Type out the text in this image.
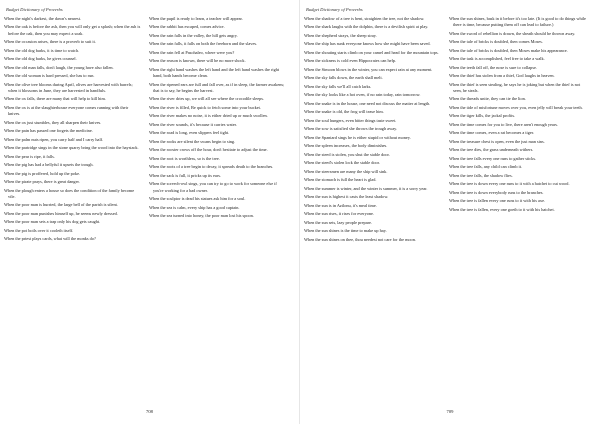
Budget Dictionary of Proverbs

When the night's darkest, the dawn's nearest.

When the oak is before the ash, then you will only get a splash; when the ash is before the oak, then you may expect a soak.

When the occasion arises, there is a proverb to suit it.

When the old dog barks, it is time to watch.

When the old dog barks, he gives counsel.

When the old man falls, don't laugh, the young have also fallen.

When the old woman is hard pressed, she has to run.

When the olive tree blooms during April, olives are harvested with barrels; when it blossoms in June, they are harvested in handfuls.

When the ox falls, there are many that will help to kill him.

When the ox is at the slaughterhouse everyone comes running with their knives.

When the ox just stumbles, they all sharpen their knives.

When the pain has passed one forgets the medicine.

When the palm nuts ripen, you carry half and I carry half.

When the partridge sings in the stone quarry bring the wood into the haystack.

When the pear is ripe, it falls.

When the pig has had a bellyful it upsets the trough.

When the pig is proffered, hold up the poke.

When the pirate prays, there is great danger.

When the plough enters a house so does the condition of the family become vile.

When the poor man is hurried, the large bell of the parish is silent.

When the poor man punishes himself up, he seems newly dressed.

When the poor man sets a trap only his dog gets caught.

When the pot boils over it cooleth itself.

When the priest plays cards, what will the monks do?

When the pupil is ready to learn, a teacher will appear.

When the rabbit has escaped, comes advice.

When the rain falls in the valley, the hill gets angry.

When the rain falls, it falls on both the freeborn and the slaves.

When the rain fell at Pasohaleo, where were you?

When the reason is known, there will be no more shock.

When the right hand washes the left hand and the left hand washes the right hand, both hands become clean.

When the ripened ears are full and fall over, as if in sleep, the farmer awakens; that is to say, he begins the harvest.

When the river dries up, we will all see where the crocodile sleeps.

When the river is filled, Be quick to fetch some into your bucket.

When the river makes no noise, it is either dried up or much swollen.

When the river sounds, it's because it carries water.

When the road is long, even slippers feel tight.

When the rooks are silent the swans begin to sing.

When the rooster crows off the hour, don't hesitate to adjust the time.

When the root is worthless, so is the tree.

When the roots of a tree begin to decay, it spreads death to the branches.

When the sack is full, it pricks up its ears.

When the screech-owl sings, you can try to go to work for someone else if you're working for a bad owner.

When the sculptor is dead his statues ask him for a soul.

When the sea is calm, every ship has a good captain.

When the sea turned into honey, the poor man lost his spoon.

708
Budget Dictionary of Proverbs

When the shadow of a tree is bent, straighten the tree, not the shadow.

When the shark laughs with the dolphin, there is a devilish spirit at play.

When the shepherd strays, the sheep stray.

When the ship has sunk everyone knows how she might have been saved.

When the shouting starts climb on your camel and head for the mountain tops.

When the sickness is cold even Hippocrates can help.

When the Simoon blows in the winter, you can expect rain at any moment.

When the sky falls down, the earth shall melt.

When the sky falls we'll all catch larks.

When the sky looks like a hot oven, if no rain today, rain tomorrow.

When the snake is in the house, one need not discuss the matter at length.

When the snake is old, the frog will tease him.

When the soul hungers, even bitter things taste sweet.

When the sow is satisfied she throws the trough away.

When the Spaniard sings he is either stupid or without money.

When the spleen increases, the body diminishes.

When the steed is stolen, you shut the stable door.

When the steed's stolen lock the stable door.

When the steersmen are many the ship will sink.

When the stomach is full the heart is glad.

When the summer is winter, and the winter is summer, it is a sorry year.

When the sun is highest it casts the least shadow.

When the sun is in Azilonu, it's meal time.

When the sun rises, it rises for everyone.

When the sun sets, lazy people prepare.

When the sun shines is the time to make up hay.

When the sun shines on thee, thou needest not care for the moon.

When the sun shines, bask in it before it's too late. (It is good to do things while there is time, because putting them off can lead to failure.)

When the sword of rebellion is drawn, the sheath should be thrown away.

When the tale of bricks is doubled, then comes Moses.

When the tale of bricks is doubled, then Moses make his appearance.

When the task is accomplished, feel free to take a walk.

When the teeth fall off, the nose is sure to collapse.

When the thief has stolen from a thief, God laughs in heaven.

When the thief is seen stealing, he says he is joking but when the thief is not seen, he steals.

When the threads unite, they can tie the lion.

When the tide of misfortune moves over you, even jelly will break your teeth.

When the tiger kills, the jackal profits.

When the time comes for you to live, there aren't enough years.

When the time comes, even a rat becomes a tiger.

When the treasure chest is open, even the just man sins.

When the tree dies, the grass underneath withers.

When the tree falls every one runs to gather sticks.

When the tree falls, any child can climb it.

When the tree falls, the shadow flies.

When the tree is down every one runs to it with a hatchet to cut wood.

When the tree is down everybody runs to the branches.

When the tree is fallen every one runs to it with his axe.

When the tree is fallen, every one goeth to it with his hatchet.

709
